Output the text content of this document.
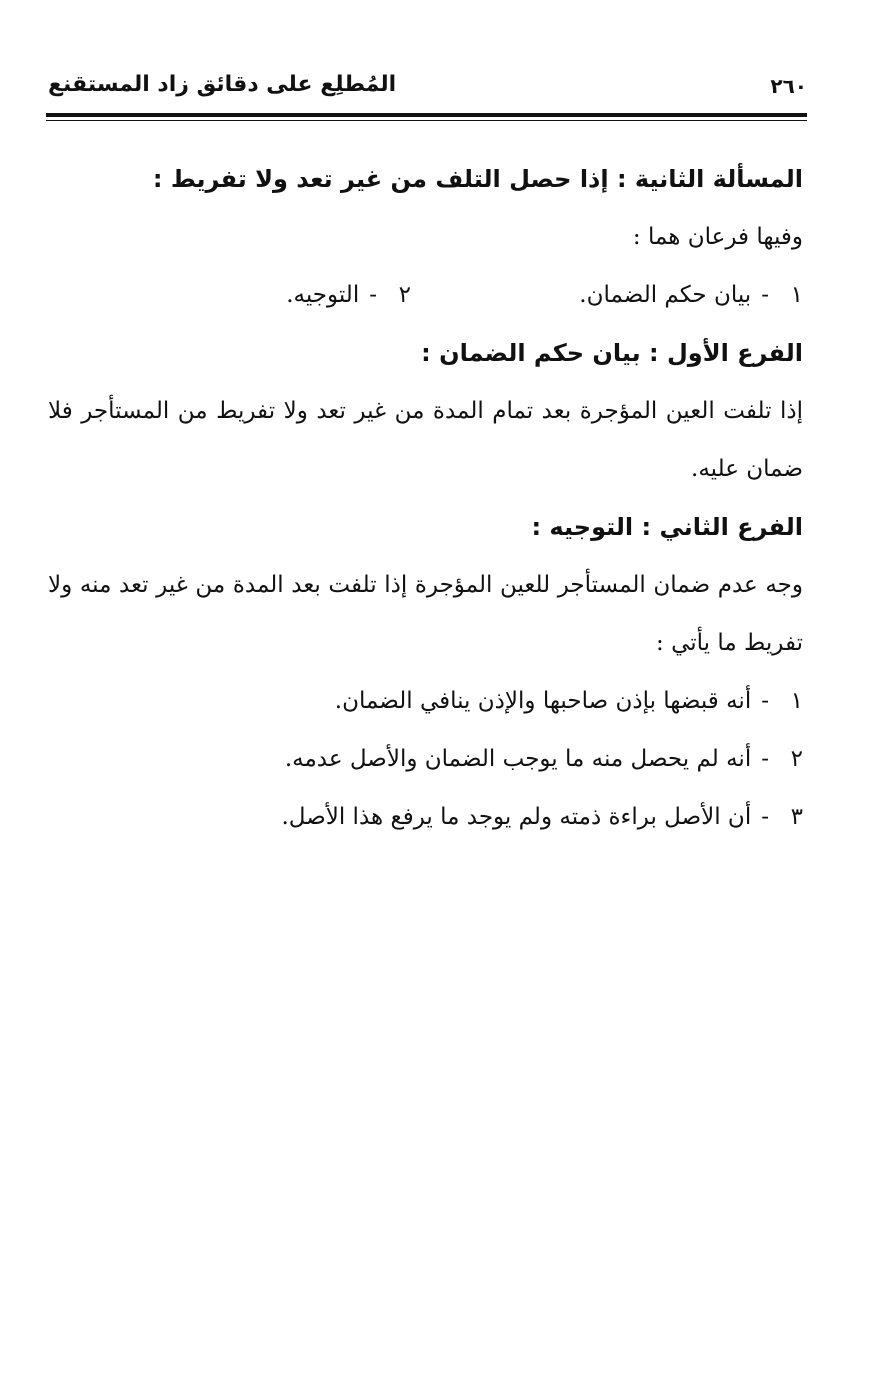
المُطلِع على دقائق زاد المستقنع	٢٦٠

المسألة الثانية : إذا حصل التلف من غير تعد ولا تفريط :

وفيها فرعان هما :

١-بيان حكم الضمان.
٢-التوجيه.

الفرع الأول : بيان حكم الضمان :

إذا تلفت العين المؤجرة بعد تمام المدة من غير تعد ولا تفريط من المستأجر فلا ضمان عليه.

الفرع الثاني : التوجيه :

وجه عدم ضمان المستأجر للعين المؤجرة إذا تلفت بعد المدة من غير تعد منه ولا تفريط ما يأتي :

١-أنه قبضها بإذن صاحبها والإذن ينافي الضمان.
٢-أنه لم يحصل منه ما يوجب الضمان والأصل عدمه.
٣-أن الأصل براءة ذمته ولم يوجد ما يرفع هذا الأصل.
